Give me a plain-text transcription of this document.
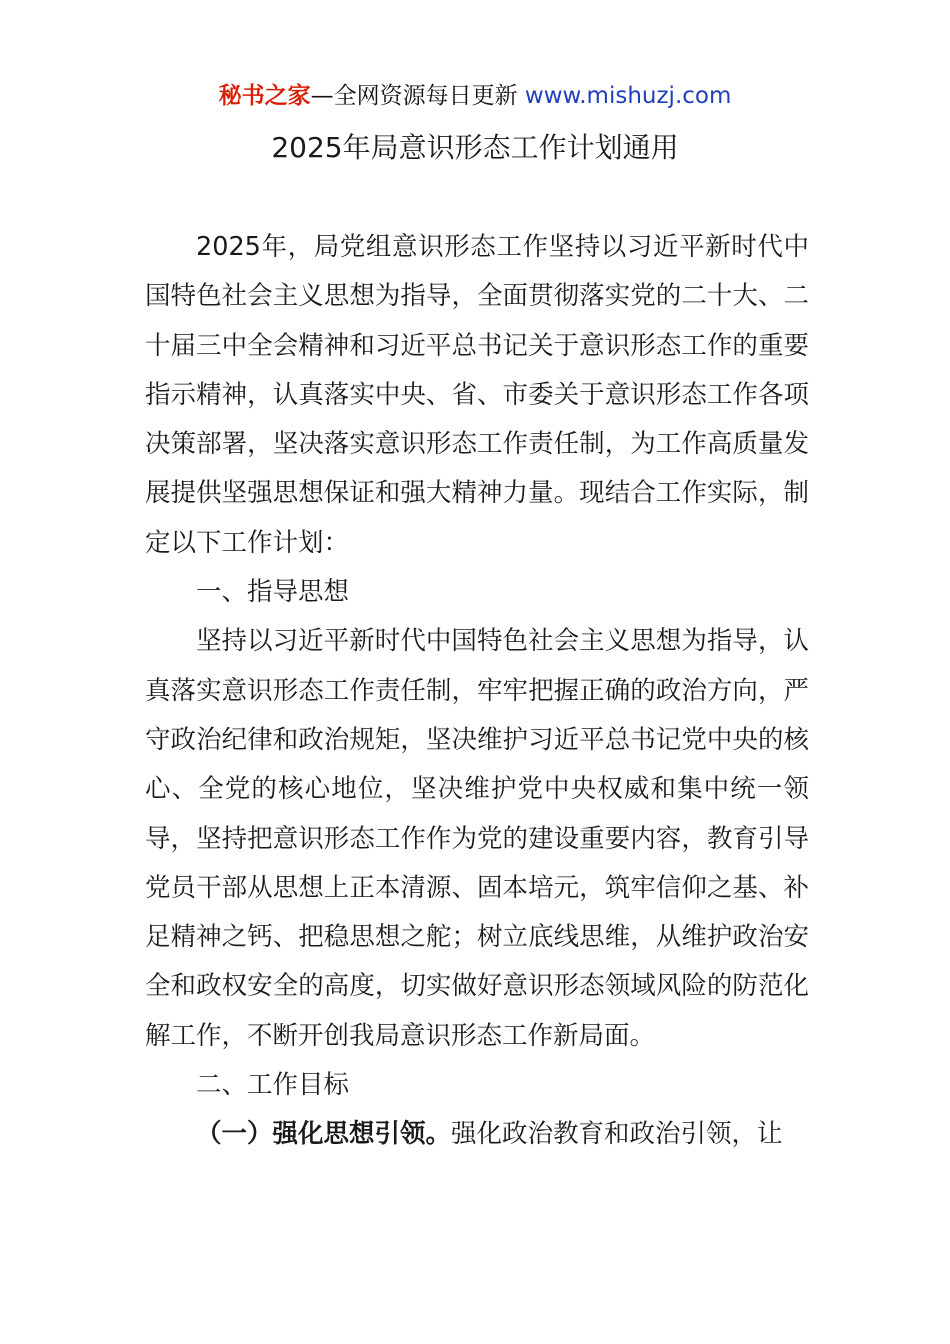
秘书之家—全网资源每日更新 www.mishuzj.com
2025年局意识形态工作计划通用

2025年，局党组意识形态工作坚持以习近平新时代中国特色社会主义思想为指导，全面贯彻落实党的二十大、二十届三中全会精神和习近平总书记关于意识形态工作的重要指示精神，认真落实中央、省、市委关于意识形态工作各项决策部署，坚决落实意识形态工作责任制，为工作高质量发展提供坚强思想保证和强大精神力量。现结合工作实际，制定以下工作计划：

一、指导思想

坚持以习近平新时代中国特色社会主义思想为指导，认真落实意识形态工作责任制，牢牢把握正确的政治方向，严守政治纪律和政治规矩，坚决维护习近平总书记党中央的核心、全党的核心地位，坚决维护党中央权威和集中统一领导，坚持把意识形态工作作为党的建设重要内容，教育引导党员干部从思想上正本清源、固本培元，筑牢信仰之基、补足精神之钙、把稳思想之舵；树立底线思维，从维护政治安全和政权安全的高度，切实做好意识形态领域风险的防范化解工作，不断开创我局意识形态工作新局面。

二、工作目标

（一）强化思想引领。强化政治教育和政治引领，让
